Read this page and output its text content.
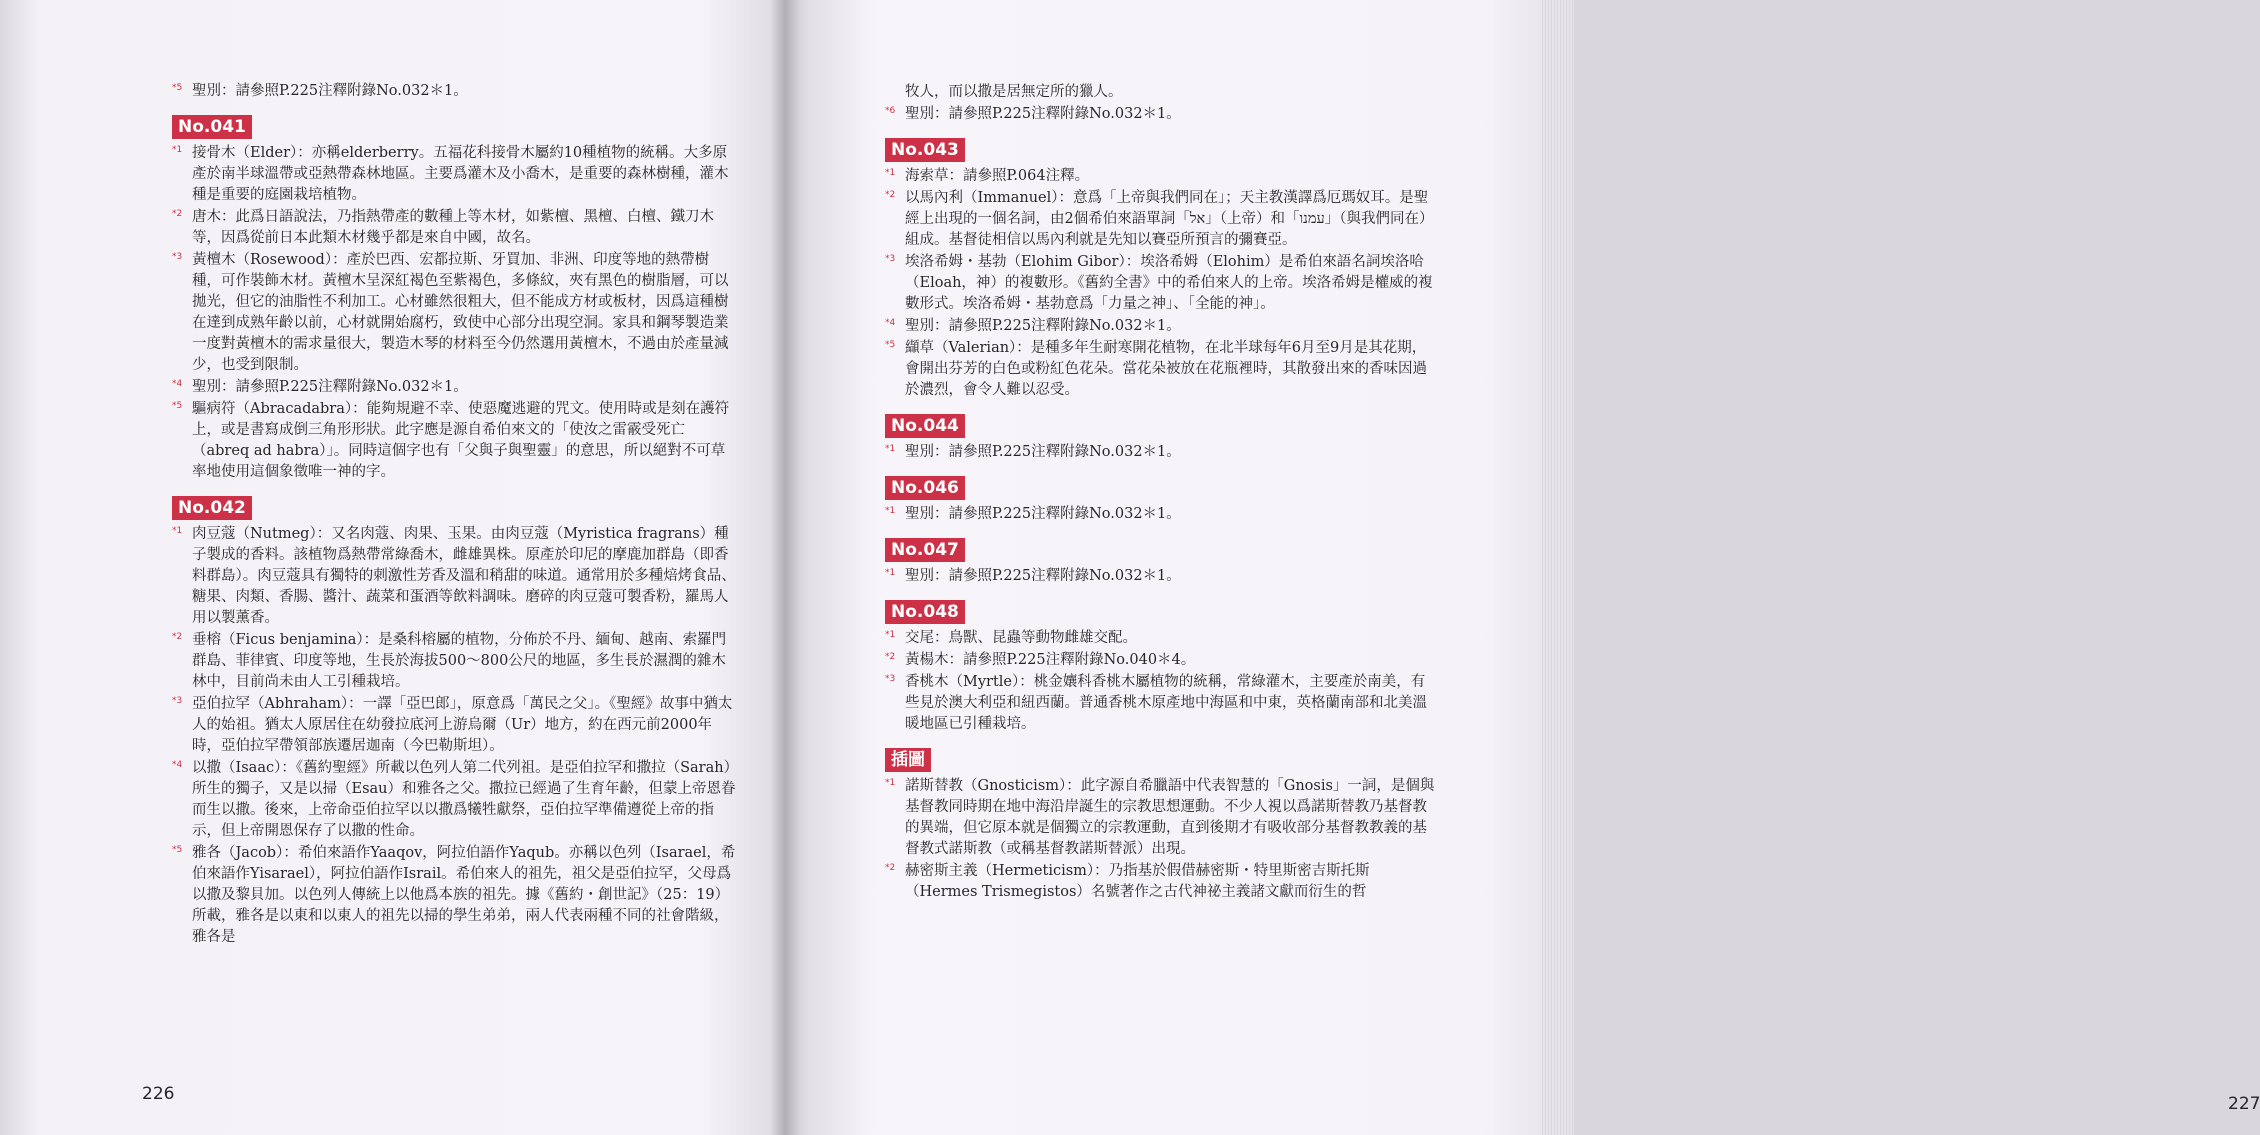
*5 聖別：請參照P.225注釋附錄No.032＊1。
No.041
*1 接骨木（Elder）：亦稱elderberry。五福花科接骨木屬約10種植物的統稱。大多原產於南半球溫帶或亞熱帶森林地區。主要爲灌木及小喬木，是重要的森林樹種，灌木種是重要的庭園栽培植物。
*2 唐木：此爲日語說法，乃指熱帶產的數種上等木材，如紫檀、黑檀、白檀、鐵刀木等，因爲從前日本此類木材幾乎都是來自中國，故名。
*3 黃檀木（Rosewood）：產於巴西、宏都拉斯、牙買加、非洲、印度等地的熱帶樹種，可作裝飾木材。黃檀木呈深紅褐色至紫褐色，多條紋，夾有黑色的樹脂層，可以拋光，但它的油脂性不利加工。心材雖然很粗大，但不能成方材或板材，因爲這種樹在達到成熟年齡以前，心材就開始腐朽，致使中心部分出現空洞。家具和鋼琴製造業一度對黃檀木的需求量很大，製造木琴的材料至今仍然選用黃檀木，不過由於產量減少，也受到限制。
*4 聖別：請參照P.225注釋附錄No.032＊1。
*5 驅病符（Abracadabra）：能夠規避不幸、使惡魔逃避的咒文。使用時或是刻在護符上，或是書寫成倒三角形形狀。此字應是源自希伯來文的「使汝之雷霰受死亡（abreq ad habra）」。同時這個字也有「父與子與聖靈」的意思，所以絕對不可草率地使用這個象徵唯一神的字。
No.042
*1 肉豆蔻（Nutmeg）：又名肉蔻、肉果、玉果。由肉豆蔻（Myristica fragrans）種子製成的香料。該植物爲熱帶常綠喬木，雌雄異株。原產於印尼的摩鹿加群島（即香料群島）。肉豆蔻具有獨特的刺激性芳香及溫和稍甜的味道。通常用於多種焙烤食品、糖果、肉類、香腸、醬汁、蔬菜和蛋酒等飲料調味。磨碎的肉豆蔻可製香粉，羅馬人用以製薰香。
*2 垂榕（Ficus benjamina）：是桑科榕屬的植物，分佈於不丹、緬甸、越南、索羅門群島、菲律賓、印度等地，生長於海拔500～800公尺的地區，多生長於濕潤的雜木林中，目前尚未由人工引種栽培。
*3 亞伯拉罕（Abhraham）：一譯「亞巴郎」，原意爲「萬民之父」。《聖經》故事中猶太人的始祖。猶太人原居住在幼發拉底河上游烏爾（Ur）地方，約在西元前2000年時，亞伯拉罕帶領部族遷居迦南（今巴勒斯坦）。
*4 以撒（Isaac）：《舊約聖經》所載以色列人第二代列祖。是亞伯拉罕和撒拉（Sarah）所生的獨子，又是以掃（Esau）和雅各之父。撒拉已經過了生育年齡，但蒙上帝恩眷而生以撒。後來，上帝命亞伯拉罕以以撒爲犧牲獻祭，亞伯拉罕準備遵從上帝的指示，但上帝開恩保存了以撒的性命。
*5 雅各（Jacob）：希伯來語作Yaaqov，阿拉伯語作Yaqub。亦稱以色列（Isarael，希伯來語作Yisarael），阿拉伯語作Israil。希伯來人的祖先，祖父是亞伯拉罕，父母爲以撒及黎貝加。以色列人傳統上以他爲本族的祖先。據《舊約・創世記》（25：19）所載，雅各是以東和以東人的祖先以掃的學生弟弟，兩人代表兩種不同的社會階級，雅各是
226
牧人，而以撒是居無定所的獵人。
*6 聖別：請參照P.225注釋附錄No.032＊1。
No.043
*1 海索草：請參照P.064注釋。
*2 以馬內利（Immanuel）：意爲「上帝與我們同在」；天主教漢譯爲厄瑪奴耳。是聖經上出現的一個名詞，由2個希伯來語單詞「אל」（上帝）和「עמנו」（與我們同在）組成。基督徒相信以馬內利就是先知以賽亞所預言的彌賽亞。
*3 埃洛希姆・基勃（Elohim Gibor）：埃洛希姆（Elohim）是希伯來語名詞埃洛哈（Eloah，神）的複數形。《舊約全書》中的希伯來人的上帝。埃洛希姆是權威的複數形式。埃洛希姆・基勃意爲「力量之神」、「全能的神」。
*4 聖別：請參照P.225注釋附錄No.032＊1。
*5 纈草（Valerian）：是種多年生耐寒開花植物，在北半球每年6月至9月是其花期，會開出芬芳的白色或粉紅色花朵。當花朵被放在花瓶裡時，其散發出來的香味因過於濃烈，會令人難以忍受。
No.044
*1 聖別：請參照P.225注釋附錄No.032＊1。
No.046
*1 聖別：請參照P.225注釋附錄No.032＊1。
No.047
*1 聖別：請參照P.225注釋附錄No.032＊1。
No.048
*1 交尾：鳥獸、昆蟲等動物雌雄交配。
*2 黃楊木：請參照P.225注釋附錄No.040＊4。
*3 香桃木（Myrtle）：桃金孃科香桃木屬植物的統稱，常綠灌木，主要產於南美，有些見於澳大利亞和紐西蘭。普通香桃木原產地中海區和中東，英格蘭南部和北美溫暖地區已引種栽培。
插圖
*1 諾斯替教（Gnosticism）：此字源自希臘語中代表智慧的「Gnosis」一詞，是個與基督教同時期在地中海沿岸誕生的宗教思想運動。不少人視以爲諾斯替教乃基督教的異端，但它原本就是個獨立的宗教運動，直到後期才有吸收部分基督教教義的基督教式諾斯教（或稱基督教諾斯替派）出現。
*2 赫密斯主義（Hermeticism）：乃指基於假借赫密斯・特里斯密吉斯托斯（Hermes Trismegistos）名號著作之古代神祕主義諸文獻而衍生的哲
227
